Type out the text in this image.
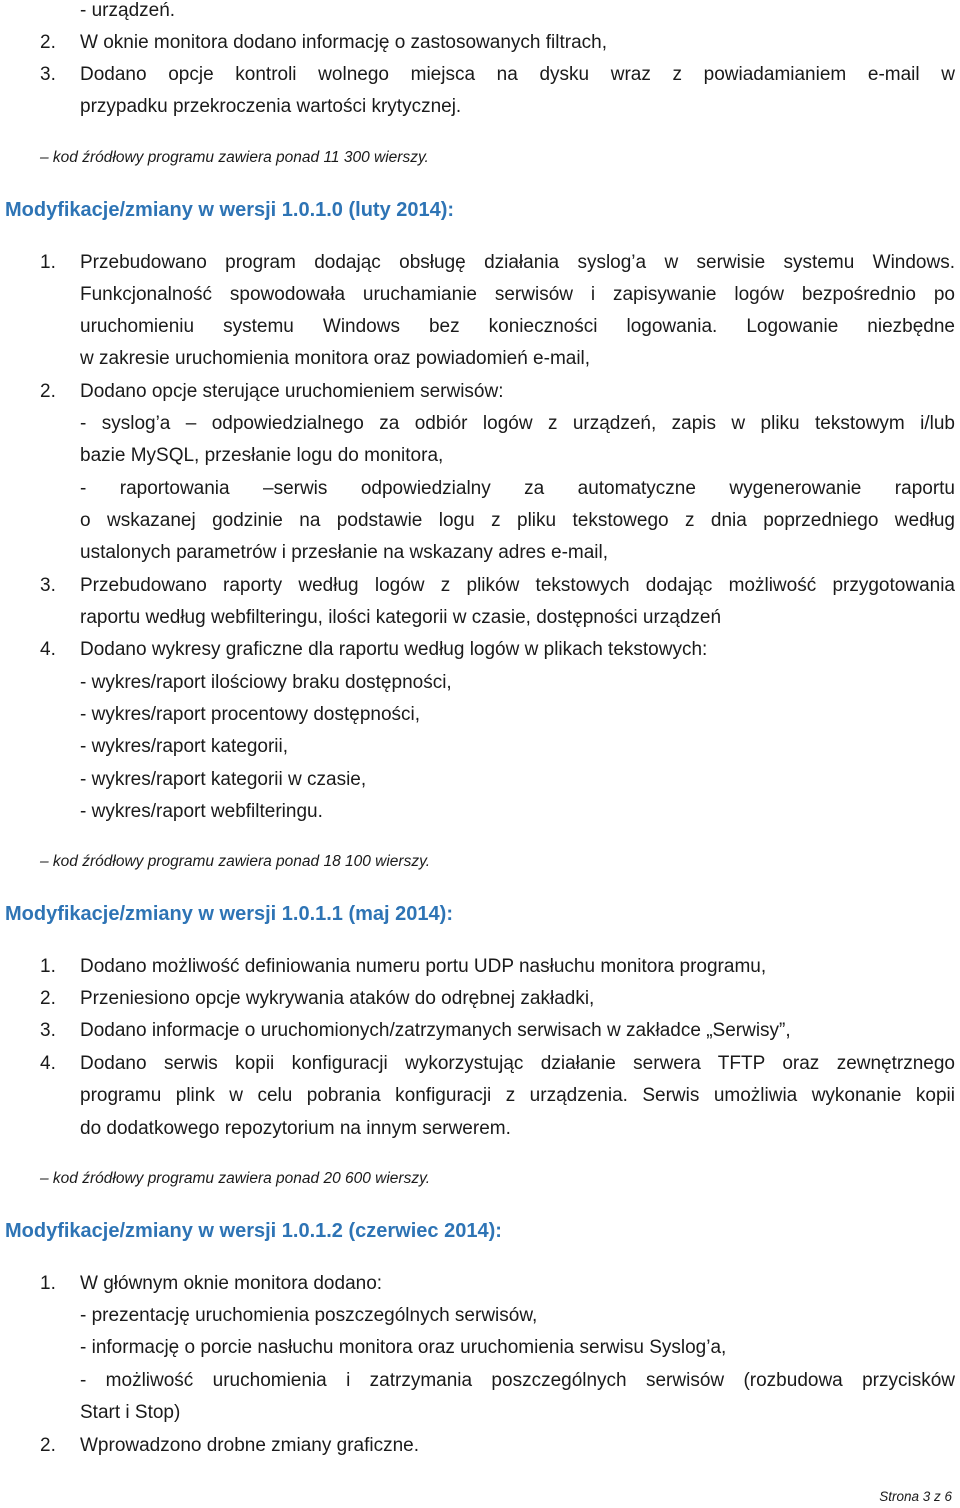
- urządzeń.
2. W oknie monitora dodano informację o zastosowanych filtrach,
3. Dodano opcje kontroli wolnego miejsca na dysku wraz z powiadamianiem e-mail w
przypadku przekroczenia wartości krytycznej.
– kod źródłowy programu zawiera ponad 11 300 wierszy.
Modyfikacje/zmiany w wersji 1.0.1.0 (luty 2014):
1. Przebudowano program dodając obsługę działania syslog’a w serwisie systemu Windows.
Funkcjonalność spowodowała uruchamianie serwisów i zapisywanie logów bezpośrednio po
uruchomieniu systemu Windows bez konieczności logowania. Logowanie niezbędne
w zakresie uruchomienia monitora oraz powiadomień e-mail,
2. Dodano opcje sterujące uruchomieniem serwisów:
- syslog’a – odpowiedzialnego za odbiór logów z urządzeń, zapis w pliku tekstowym i/lub
bazie MySQL, przesłanie logu do monitora,
- raportowania –serwis odpowiedzialny za automatyczne wygenerowanie raportu
o wskazanej godzinie na podstawie logu z pliku tekstowego z dnia poprzedniego według
ustalonych parametrów i przesłanie na wskazany adres e-mail,
3. Przebudowano raporty według logów z plików tekstowych dodając możliwość przygotowania
raportu według webfilteringu, ilości kategorii w czasie, dostępności urządzeń
4. Dodano wykresy graficzne dla raportu według logów w plikach tekstowych:
- wykres/raport ilościowy braku dostępności,
- wykres/raport procentowy dostępności,
- wykres/raport kategorii,
- wykres/raport kategorii w czasie,
- wykres/raport webfilteringu.
– kod źródłowy programu zawiera ponad 18 100 wierszy.
Modyfikacje/zmiany w wersji 1.0.1.1 (maj 2014):
1. Dodano możliwość definiowania numeru portu UDP nasłuchu monitora programu,
2. Przeniesiono opcje wykrywania ataków do odrębnej zakładki,
3. Dodano informacje o uruchomionych/zatrzymanych serwisach w zakładce „Serwisy”,
4. Dodano serwis kopii konfiguracji wykorzystując działanie serwera TFTP oraz zewnętrznego
programu plink w celu pobrania konfiguracji z urządzenia. Serwis umożliwia wykonanie kopii
do dodatkowego repozytorium na innym serwerem.
– kod źródłowy programu zawiera ponad 20 600 wierszy.
Modyfikacje/zmiany w wersji 1.0.1.2 (czerwiec 2014):
1. W głównym oknie monitora dodano:
- prezentację uruchomienia poszczególnych serwisów,
- informację o porcie nasłuchu monitora oraz uruchomienia serwisu Syslog’a,
- możliwość uruchomienia i zatrzymania poszczególnych serwisów (rozbudowa przycisków
Start i Stop)
2. Wprowadzono drobne zmiany graficzne.
Strona 3 z 6
